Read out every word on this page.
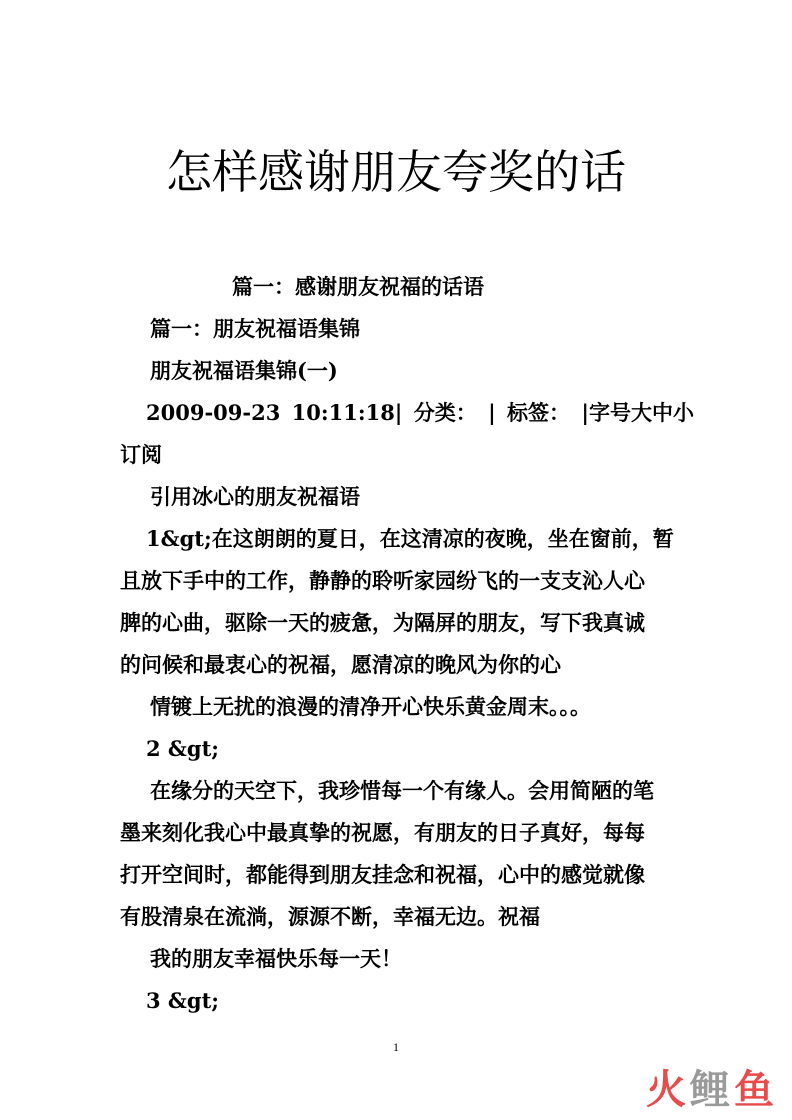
怎样感谢朋友夸奖的话
篇一：感谢朋友祝福的话语
篇一：朋友祝福语集锦
朋友祝福语集锦(一)
2009-09-23 10:11:18| 分类： | 标签： |字号大中小
订阅
引用冰心的朋友祝福语
1&gt;在这朗朗的夏日，在这清凉的夜晚，坐在窗前，暂
且放下手中的工作，静静的聆听家园纷飞的一支支沁人心
脾的心曲，驱除一天的疲惫，为隔屏的朋友，写下我真诚
的问候和最衷心的祝福，愿清凉的晚风为你的心
情镀上无扰的浪漫的清净开心快乐黄金周末。。。
2 &gt;
在缘分的天空下，我珍惜每一个有缘人。会用简陋的笔
墨来刻化我心中最真挚的祝愿，有朋友的日子真好，每每
打开空间时，都能得到朋友挂念和祝福，心中的感觉就像
有股清泉在流淌，源源不断，幸福无边。祝福
我的朋友幸福快乐每一天！
3 &gt;
1
火 鲤 鱼
